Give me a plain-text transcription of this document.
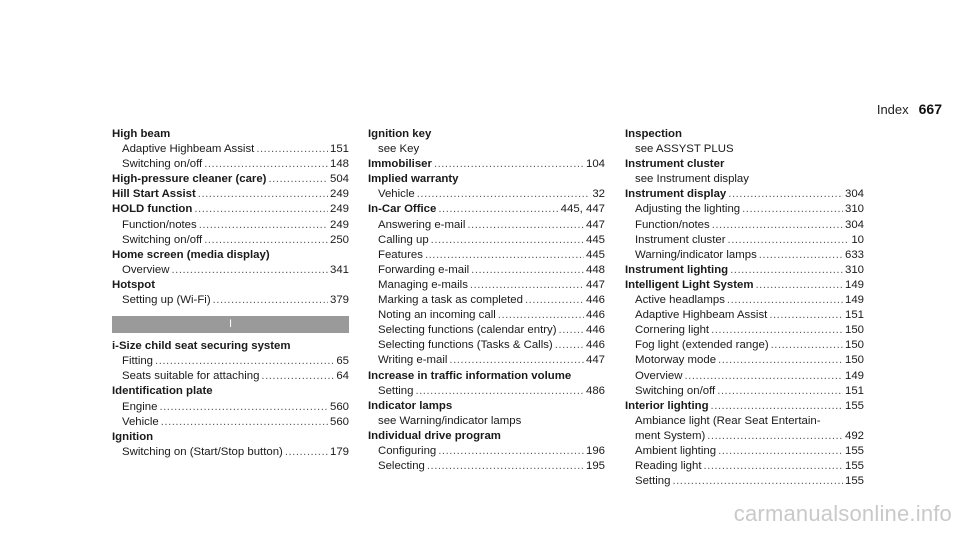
Index 667
High beam
Adaptive Highbeam Assist .....	151
Switching on/off .....	148
High-pressure cleaner (care) .....	504
Hill Start Assist .....	249
HOLD function .....	249
Function/notes .....	249
Switching on/off .....	250
Home screen (media display)
Overview .....	341
Hotspot
Setting up (Wi-Fi) .....	379
I
i-Size child seat securing system
Fitting .....	65
Seats suitable for attaching .....	64
Identification plate
Engine .....	560
Vehicle .....	560
Ignition
Switching on (Start/Stop button) .....	179
Ignition key
see Key
Immobiliser .....	104
Implied warranty
Vehicle .....	32
In-Car Office .....	445, 447
Answering e-mail .....	447
Calling up .....	445
Features .....	445
Forwarding e-mail .....	448
Managing e-mails .....	447
Marking a task as completed .....	446
Noting an incoming call .....	446
Selecting functions (calendar entry) .....	446
Selecting functions (Tasks & Calls) .....	446
Writing e-mail .....	447
Increase in traffic information volume
Setting .....	486
Indicator lamps
see Warning/indicator lamps
Individual drive program
Configuring .....	196
Selecting .....	195
Inspection
see ASSYST PLUS
Instrument cluster
see Instrument display
Instrument display .....	304
Adjusting the lighting .....	310
Function/notes .....	304
Instrument cluster .....	10
Warning/indicator lamps .....	633
Instrument lighting .....	310
Intelligent Light System .....	149
Active headlamps .....	149
Adaptive Highbeam Assist .....	151
Cornering light .....	150
Fog light (extended range) .....	150
Motorway mode .....	150
Overview .....	149
Switching on/off .....	151
Interior lighting .....	155
Ambiance light (Rear Seat Entertain-
ment System) .....	492
Ambient lighting .....	155
Reading light .....	155
Setting .....	155
carmanualsonline.info
